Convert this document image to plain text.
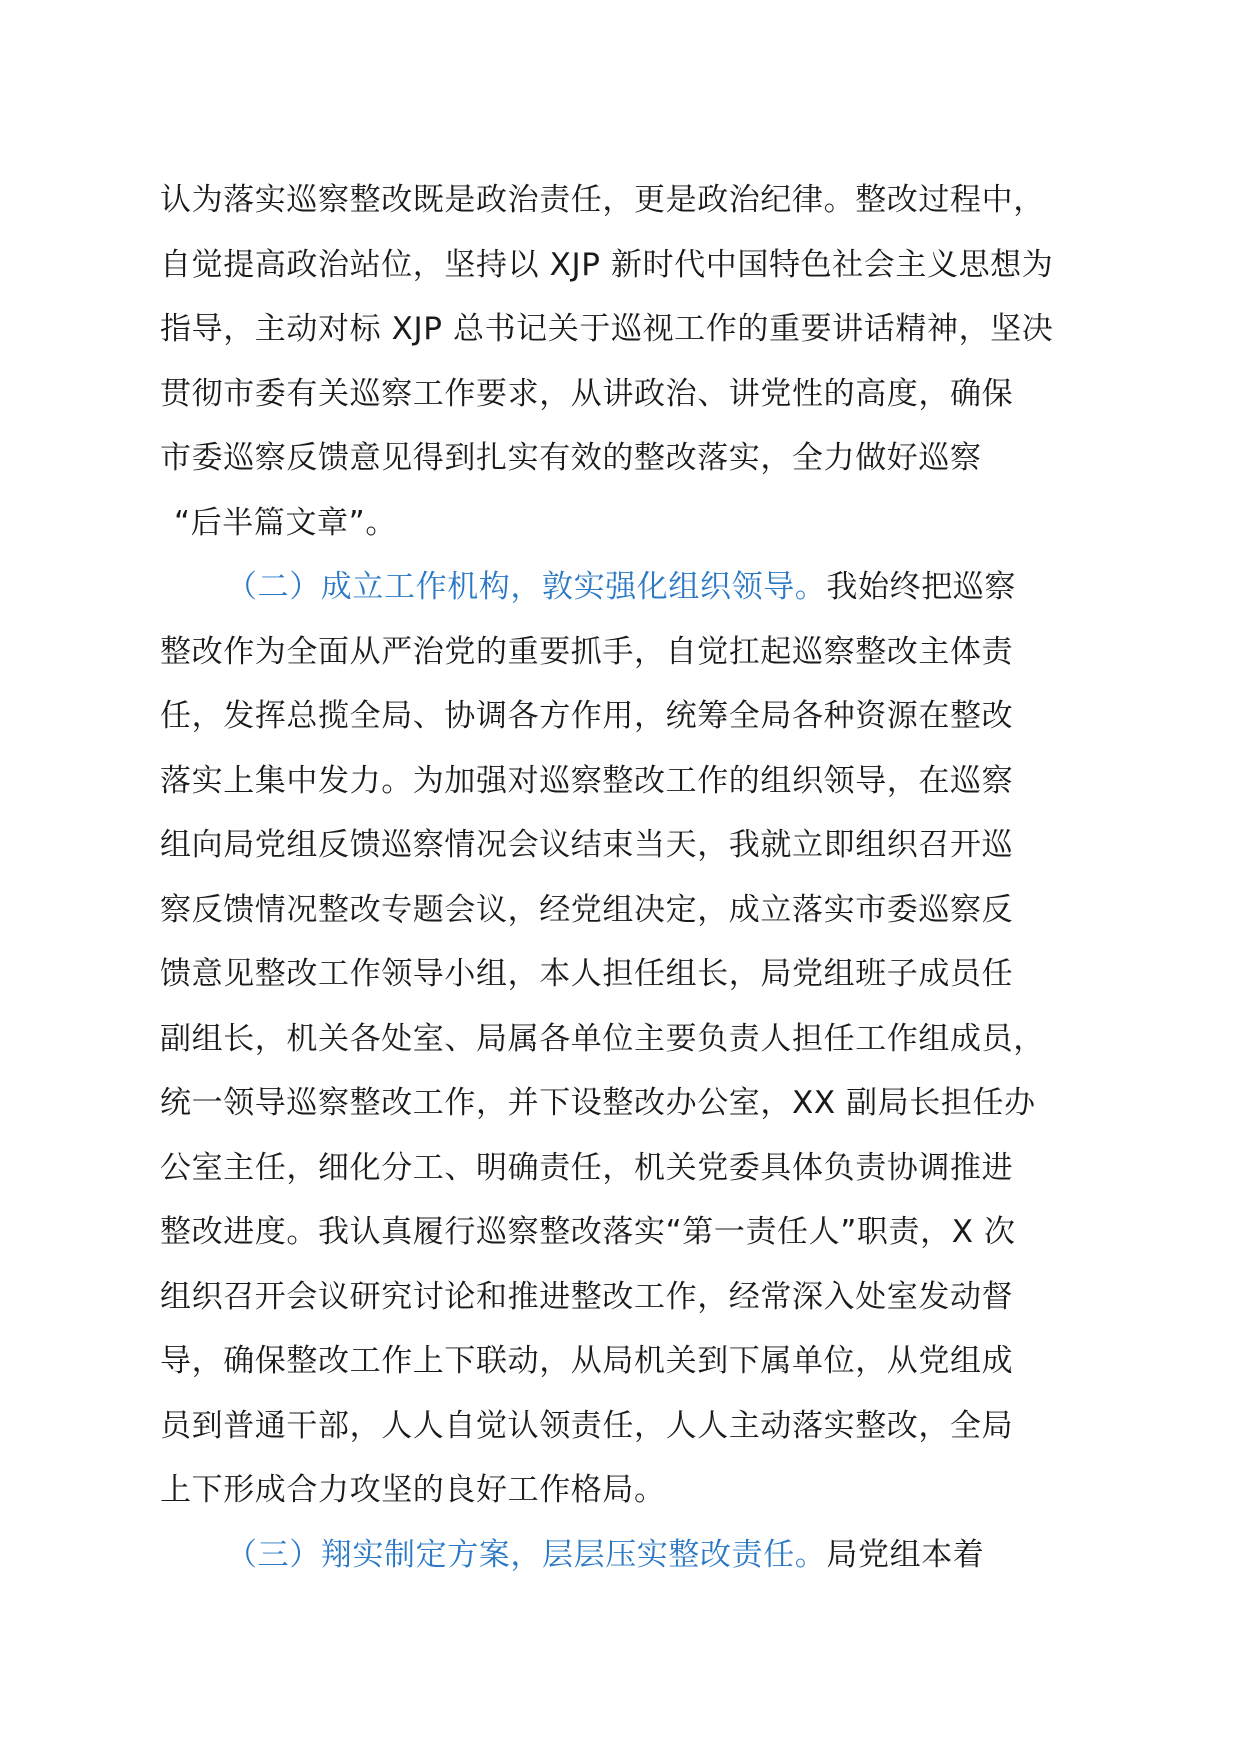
认为落实巡察整改既是政治责任，更是政治纪律。整改过程中，
自觉提高政治站位，坚持以 XJP 新时代中国特色社会主义思想为
指导，主动对标 XJP 总书记关于巡视工作的重要讲话精神，坚决
贯彻市委有关巡察工作要求，从讲政治、讲党性的高度，确保
市委巡察反馈意见得到扎实有效的整改落实，全力做好巡察
“后半篇文章”。
（二）成立工作机构，敦实强化组织领导。我始终把巡察
整改作为全面从严治党的重要抓手，自觉扛起巡察整改主体责
任，发挥总揽全局、协调各方作用，统筹全局各种资源在整改
落实上集中发力。为加强对巡察整改工作的组织领导，在巡察
组向局党组反馈巡察情况会议结束当天，我就立即组织召开巡
察反馈情况整改专题会议，经党组决定，成立落实市委巡察反
馈意见整改工作领导小组，本人担任组长，局党组班子成员任
副组长，机关各处室、局属各单位主要负责人担任工作组成员，
统一领导巡察整改工作，并下设整改办公室，XX 副局长担任办
公室主任，细化分工、明确责任，机关党委具体负责协调推进
整改进度。我认真履行巡察整改落实“第一责任人”职责，X 次
组织召开会议研究讨论和推进整改工作，经常深入处室发动督
导，确保整改工作上下联动，从局机关到下属单位，从党组成
员到普通干部，人人自觉认领责任，人人主动落实整改，全局
上下形成合力攻坚的良好工作格局。
（三）翔实制定方案，层层压实整改责任。局党组本着
